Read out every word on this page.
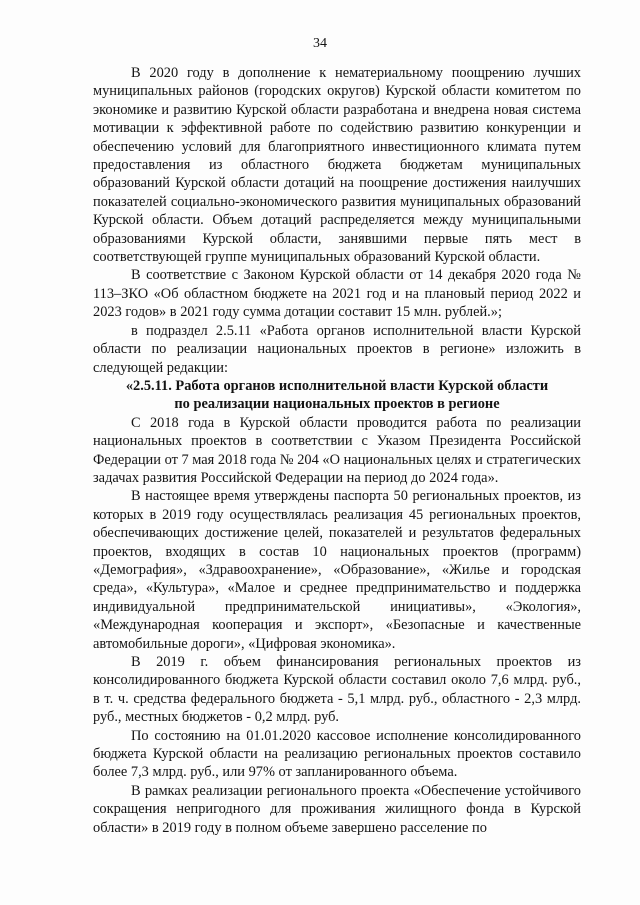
34

В 2020 году в дополнение к нематериальному поощрению лучших муниципальных районов (городских округов) Курской области комитетом по экономике и развитию Курской области разработана и внедрена новая система мотивации к эффективной работе по содействию развитию конкуренции и обеспечению условий для благоприятного инвестиционного климата путем предоставления из областного бюджета бюджетам муниципальных образований Курской области дотаций на поощрение достижения наилучших показателей социально-экономического развития муниципальных образований Курской области. Объем дотаций распределяется между муниципальными образованиями Курской области, занявшими первые пять мест в соответствующей группе муниципальных образований Курской области.

В соответствие с Законом Курской области от 14 декабря 2020 года № 113–ЗКО «Об областном бюджете на 2021 год и на плановый период 2022 и 2023 годов» в 2021 году сумма дотации составит 15 млн. рублей.»;

в подраздел 2.5.11 «Работа органов исполнительной власти Курской области по реализации национальных проектов в регионе» изложить в следующей редакции:

«2.5.11. Работа органов исполнительной власти Курской области
по реализации национальных проектов в регионе

С 2018 года в Курской области проводится работа по реализации национальных проектов в соответствии с Указом Президента Российской Федерации от 7 мая 2018 года № 204 «О национальных целях и стратегических задачах развития Российской Федерации на период до 2024 года».

В настоящее время утверждены паспорта 50 региональных проектов, из которых в 2019 году осуществлялась реализация 45 региональных проектов, обеспечивающих достижение целей, показателей и результатов федеральных проектов, входящих в состав 10 национальных проектов (программ) «Демография», «Здравоохранение», «Образование», «Жилье и городская среда», «Культура», «Малое и среднее предпринимательство и поддержка индивидуальной предпринимательской инициативы», «Экология», «Международная кооперация и экспорт», «Безопасные и качественные автомобильные дороги», «Цифровая экономика».

В 2019 г. объем финансирования региональных проектов из консолидированного бюджета Курской области составил около 7,6 млрд. руб., в т. ч. средства федерального бюджета - 5,1 млрд. руб., областного - 2,3 млрд. руб., местных бюджетов - 0,2 млрд. руб.

По состоянию на 01.01.2020 кассовое исполнение консолидированного бюджета Курской области на реализацию региональных проектов составило более 7,3 млрд. руб., или 97% от запланированного объема.

В рамках реализации регионального проекта «Обеспечение устойчивого сокращения непригодного для проживания жилищного фонда в Курской области» в 2019 году в полном объеме завершено расселение по
